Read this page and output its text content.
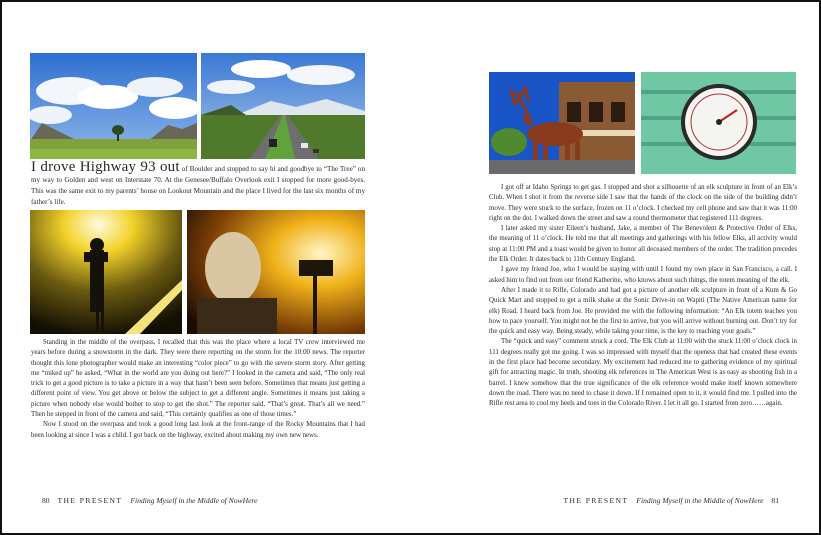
I drove Highway 93 out of Boulder and stopped to say hi and goodbye to “The Tree” on my way to Golden and west on Interstate 70. At the Genesee/Buffalo Overlook exit I stopped for more good-byes. This was the same exit to my parents’ house on Lookout Mountain and the place I lived for the last six months of my father’s life.

Standing in the middle of the overpass, I recalled that this was the place where a local TV crew interviewed me years before during a snowstorm in the dark. They were there reporting on the storm for the 10:00 news. The reporter thought this lone photographer would make an interesting “color piece” to go with the severe storm story. After getting me “miked up” he asked, “What in the world are you doing out here?” I looked in the camera and said, “The only real trick to get a good picture is to take a picture in a way that hasn’t been seen before. Sometimes that means just getting a different point of view. You get above or below the subject to get a different angle. Sometimes it means just taking a picture when nobody else would bother to stop to get the shot.” The reporter said, “That’s great. That’s all we need.” Then he stepped in front of the camera and said, “This certainly qualifies as one of those times.”

Now I stood on the overpass and took a good long last look at the front-range of the Rocky Mountains that I had been looking at since I was a child. I got back on the highway, excited about making my own new news.

80 THE PRESENT Finding Myself in the Middle of NowHere

I got off at Idaho Springs to get gas. I stopped and shot a silhouette of an elk sculpture in front of an Elk’s Club. When I shot it from the reverse side I saw that the hands of the clock on the side of the building didn’t move. They were stuck to the surface, frozen on 11 o’clock. I checked my cell phone and saw that it was 11:00 right on the dot. I walked down the street and saw a round thermometer that registered 111 degrees.

I later asked my sister Eileen’s husband, Jake, a member of The Benevolent & Protective Order of Elks, the meaning of 11 o’clock. He told me that all meetings and gatherings with his fellow Elks, all activity would stop at 11:00 PM and a toast would be given to honor all deceased members of the order. The tradition precedes the Elk Order. It dates back to 11th Century England.

I gave my friend Joe, who I would be staying with until I found my own place in San Francisco, a call. I asked him to find out from our friend Katherine, who knows about such things, the totem meaning of the elk.

After I made it to Rifle, Colorado and had got a picture of another elk sculpture in front of a Kum & Go Quick Mart and stopped to get a milk shake at the Sonic Drive-in on Wapiti (The Native American name for elk) Road. I heard back from Joe. He provided me with the following information: “An Elk totem teaches you how to pace yourself. You might not be the first to arrive, but you will arrive without burning out. Don’t try for the quick and easy way. Being steady, while taking your time, is the key to reaching your goals.”

The “quick and easy” comment struck a cord. The Elk Club at 11:00 with the stuck 11:00 o’clock clock in 111 degrees really got me going. I was so impressed with myself that the openess that had created these events in the first place had become secondary. My excitement had reduced me to gathering evidence of my spiritual gift for attracting magic. In truth, shooting elk references in The American West is as easy as shooting fish in a barrel. I knew somehow that the true significance of the elk reference would make itself known somewhere down the road. There was no need to chase it down. If I remained open to it, it would find me. I pulled into the Rifle rest area to cool my heels and toes in the Colorado River. I let it all go. I started from zero……again.

THE PRESENT Finding Myself in the Middle of NowHere 81
